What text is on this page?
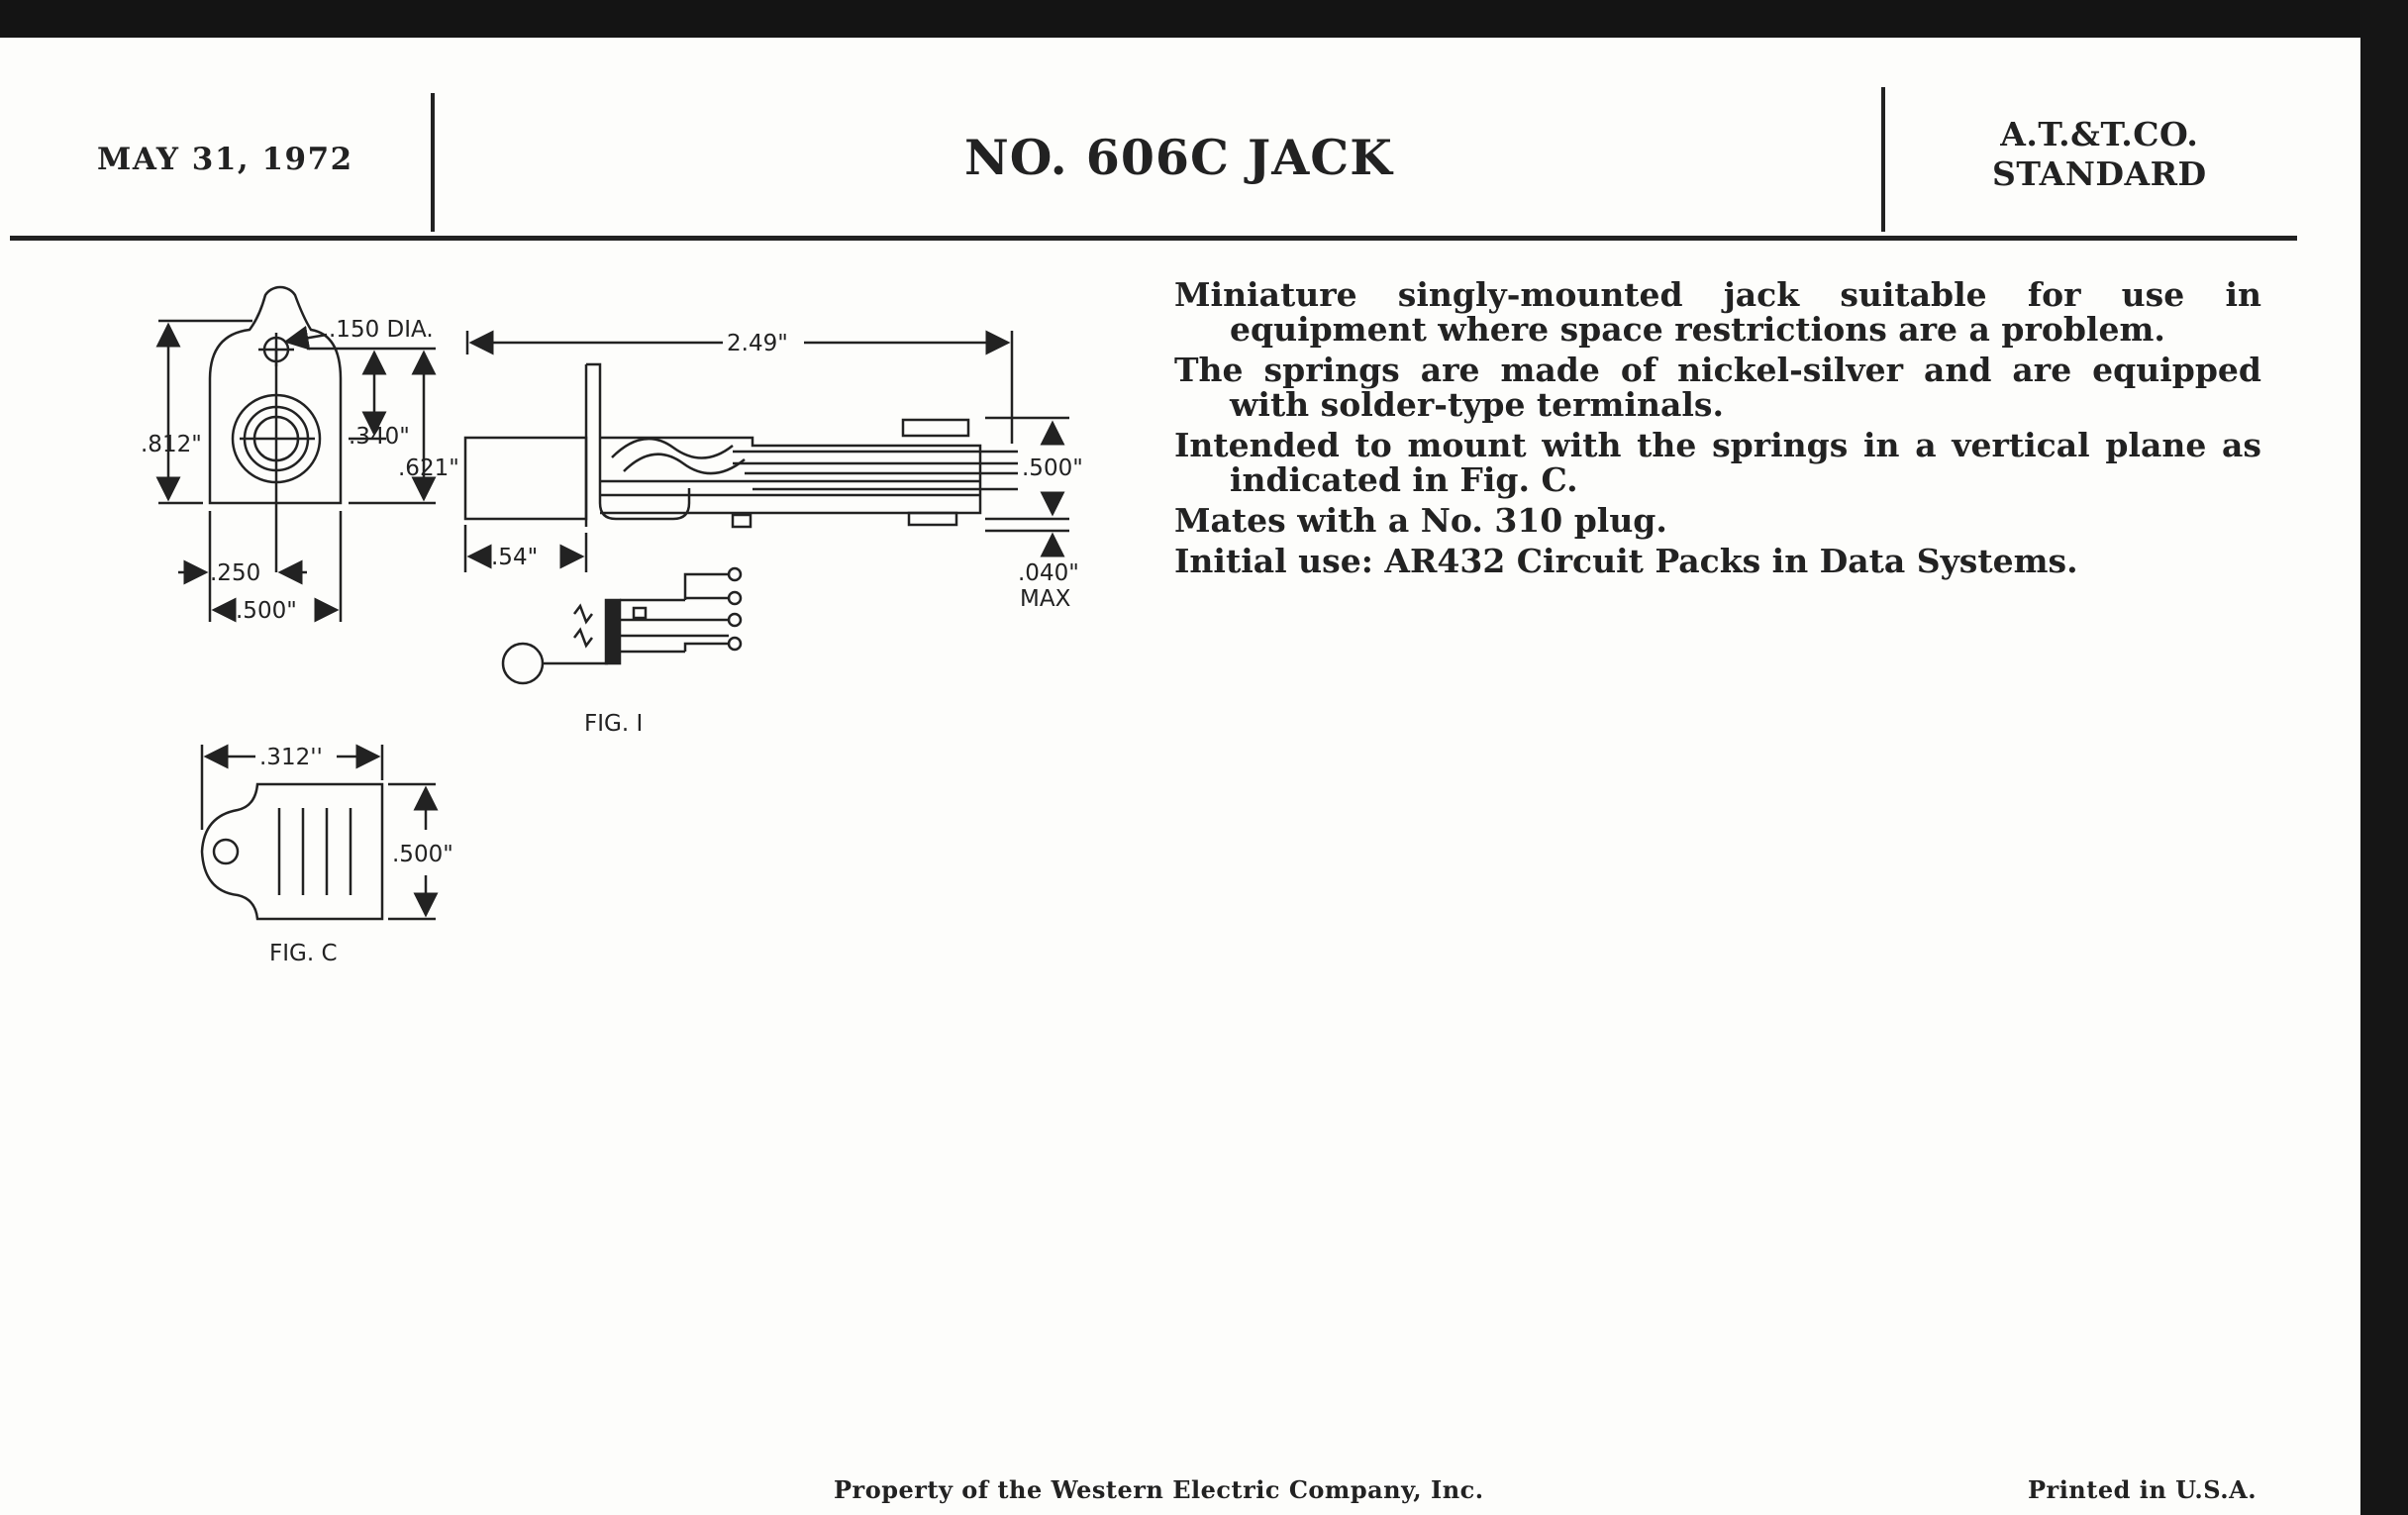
MAY 31, 1972	NO. 606C JACK	A.T.&T.CO.
STANDARD

Miniature singly-mounted jack suitable for use in equipment where space restrictions are a problem.

The springs are made of nickel-silver and are equipped with solder-type terminals.

Intended to mount with the springs in a vertical plane as indicated in Fig. C.

Mates with a No. 310 plug.

Initial use: AR432 Circuit Packs in Data Systems.

.150 DIA.
.812"	.340"
.621"
.250
.500"
2.49"
.500"
.54"
.040"
MAX
FIG. I
.312''
.500"
FIG. C
Property of the Western Electric Company, Inc.	Printed in U.S.A.
